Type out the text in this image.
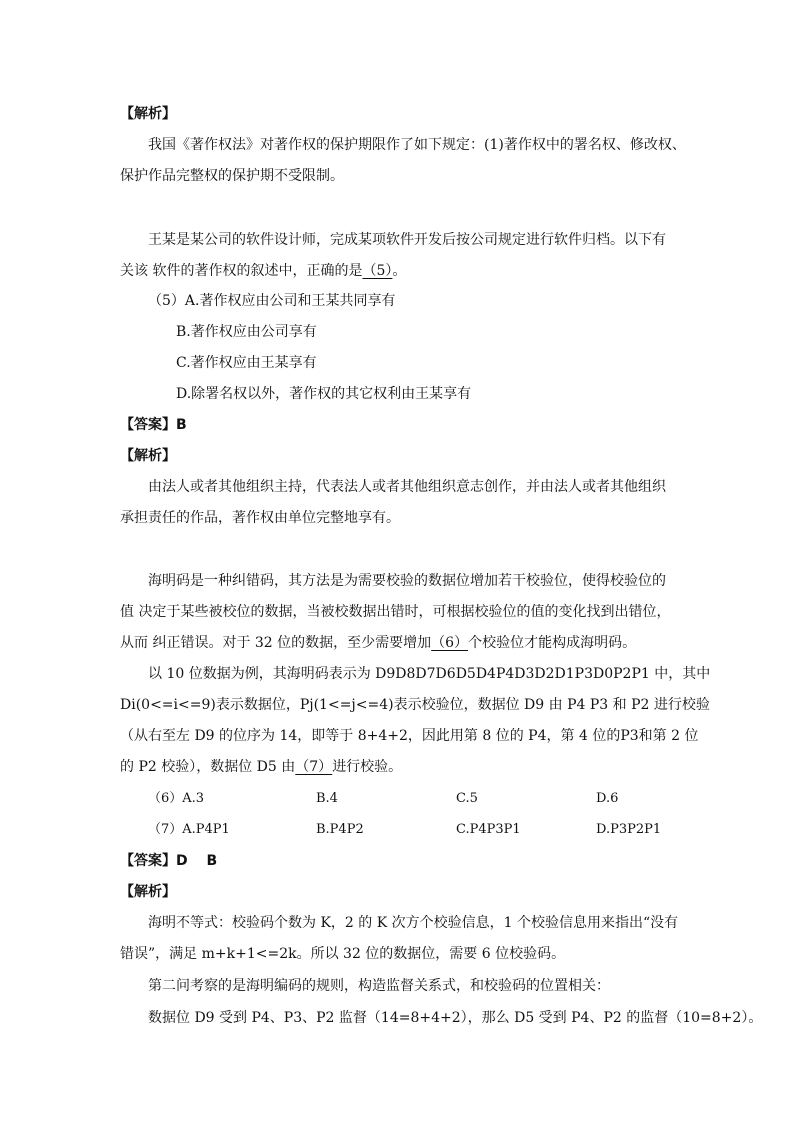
【解析】
我国《著作权法》对著作权的保护期限作了如下规定：(1)著作权中的署名权、修改权、
保护作品完整权的保护期不受限制。
王某是某公司的软件设计师，完成某项软件开发后按公司规定进行软件归档。以下有
关该 软件的著作权的叙述中，正确的是（5）。
（5）A.著作权应由公司和王某共同享有
B.著作权应由公司享有
C.著作权应由王某享有
D.除署名权以外，著作权的其它权利由王某享有
【答案】B
【解析】
由法人或者其他组织主持，代表法人或者其他组织意志创作，并由法人或者其他组织
承担责任的作品，著作权由单位完整地享有。
海明码是一种纠错码，其方法是为需要校验的数据位增加若干校验位，使得校验位的
值 决定于某些被校位的数据，当被校数据出错时，可根据校验位的值的变化找到出错位，
从而 纠正错误。对于 32 位的数据，至少需要增加（6）个校验位才能构成海明码。
以 10 位数据为例，其海明码表示为 D9D8D7D6D5D4P4D3D2D1P3D0P2P1 中，其中
Di(0<=i<=9)表示数据位，Pj(1<=j<=4)表示校验位，数据位 D9 由 P4 P3 和 P2 进行校验
（从右至左 D9 的位序为 14，即等于 8+4+2，因此用第 8 位的 P4，第 4 位的P3和第 2 位
的 P2 校验），数据位 D5 由（7）进行校验。
（6）A.3	B.4	C.5	D.6
（7）A.P4P1	B.P4P2	C.P4P3P1	D.P3P2P1
【答案】D　 B
【解析】
海明不等式：校验码个数为 K，2 的 K 次方个校验信息，1 个校验信息用来指出“没有
错误”，满足 m+k+1<=2k。所以 32 位的数据位，需要 6 位校验码。
第二问考察的是海明编码的规则，构造监督关系式，和校验码的位置相关：
数据位 D9 受到 P4、P3、P2 监督（14=8+4+2），那么 D5 受到 P4、P2 的监督（10=8+2）。
